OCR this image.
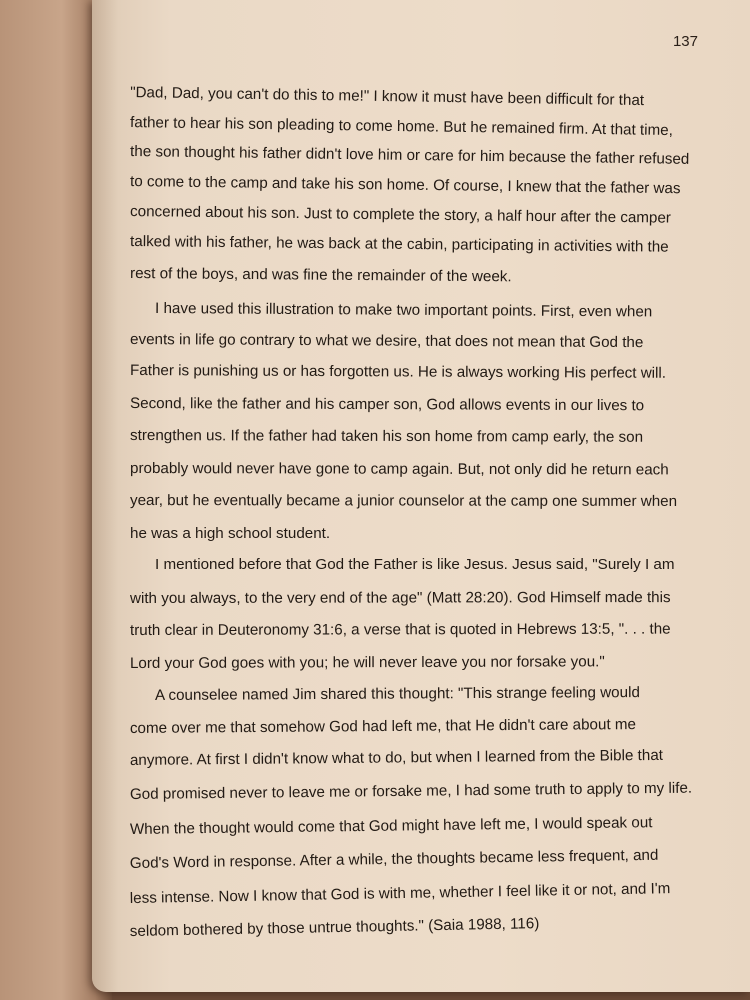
137
"Dad, Dad, you can't do this to me!" I know it must have been difficult for that
father to hear his son pleading to come home. But he remained firm. At that time,
the son thought his father didn't love him or care for him because the father refused
to come to the camp and take his son home. Of course, I knew that the father was
concerned about his son. Just to complete the story, a half hour after the camper
talked with his father, he was back at the cabin, participating in activities with the
rest of the boys, and was fine the remainder of the week.
I have used this illustration to make two important points. First, even when
events in life go contrary to what we desire, that does not mean that God the
Father is punishing us or has forgotten us. He is always working His perfect will.
Second, like the father and his camper son, God allows events in our lives to
strengthen us. If the father had taken his son home from camp early, the son
probably would never have gone to camp again. But, not only did he return each
year, but he eventually became a junior counselor at the camp one summer when
he was a high school student.
I mentioned before that God the Father is like Jesus. Jesus said, "Surely I am
with you always, to the very end of the age" (Matt 28:20). God Himself made this
truth clear in Deuteronomy 31:6, a verse that is quoted in Hebrews 13:5, ". . . the
Lord your God goes with you; he will never leave you nor forsake you."
A counselee named Jim shared this thought: "This strange feeling would
come over me that somehow God had left me, that He didn't care about me
anymore. At first I didn't know what to do, but when I learned from the Bible that
God promised never to leave me or forsake me, I had some truth to apply to my life.
When the thought would come that God might have left me, I would speak out
God's Word in response. After a while, the thoughts became less frequent, and
less intense. Now I know that God is with me, whether I feel like it or not, and I'm
seldom bothered by those untrue thoughts." (Saia 1988, 116)
